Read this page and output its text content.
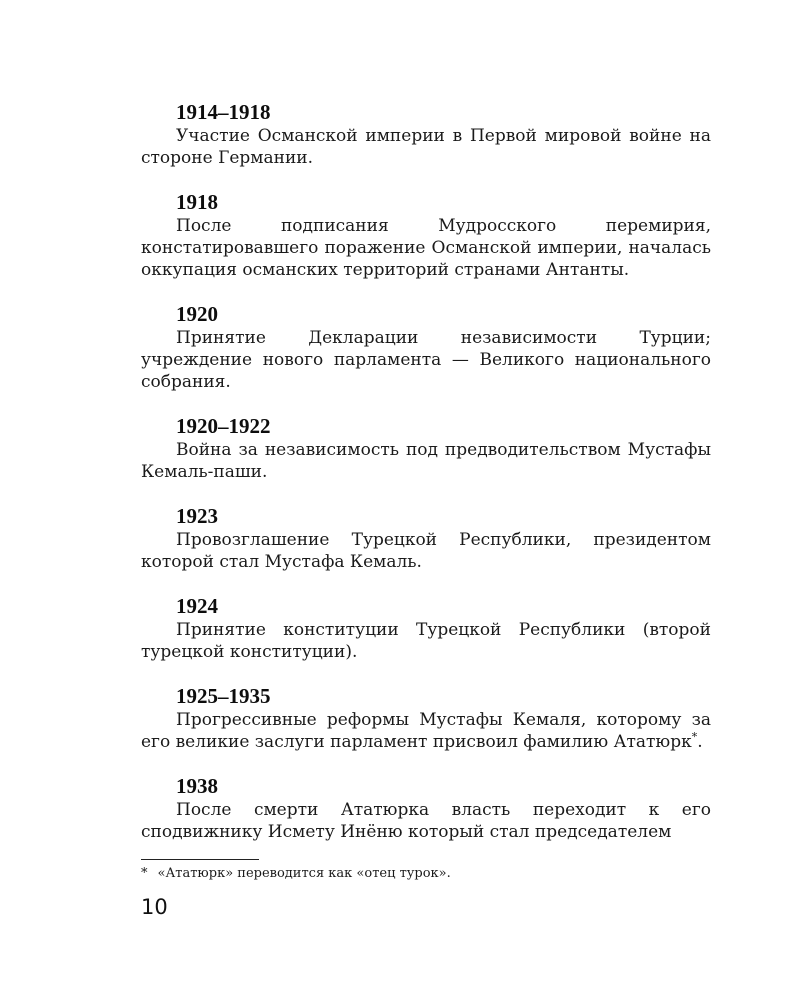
1914–1918
Участие Османской империи в Первой мировой войне на стороне Германии.
1918
После подписания Мудросского перемирия, констатировавшего поражение Османской империи, началась оккупация османских территорий странами Антанты.
1920
Принятие Декларации независимости Турции; учреждение нового парламента — Великого национального собрания.
1920–1922
Война за независимость под предводительством Мустафы Кемаль-паши.
1923
Провозглашение Турецкой Республики, президентом которой стал Мустафа Кемаль.
1924
Принятие конституции Турецкой Республики (второй турецкой конституции).
1925–1935
Прогрессивные реформы Мустафы Кемаля, которому за его великие заслуги парламент присвоил фамилию Ататюрк*.
1938
После смерти Ататюрка власть переходит к его сподвижнику Исмету Инёню который стал председателем
* «Ататюрк» переводится как «отец турок».
10
